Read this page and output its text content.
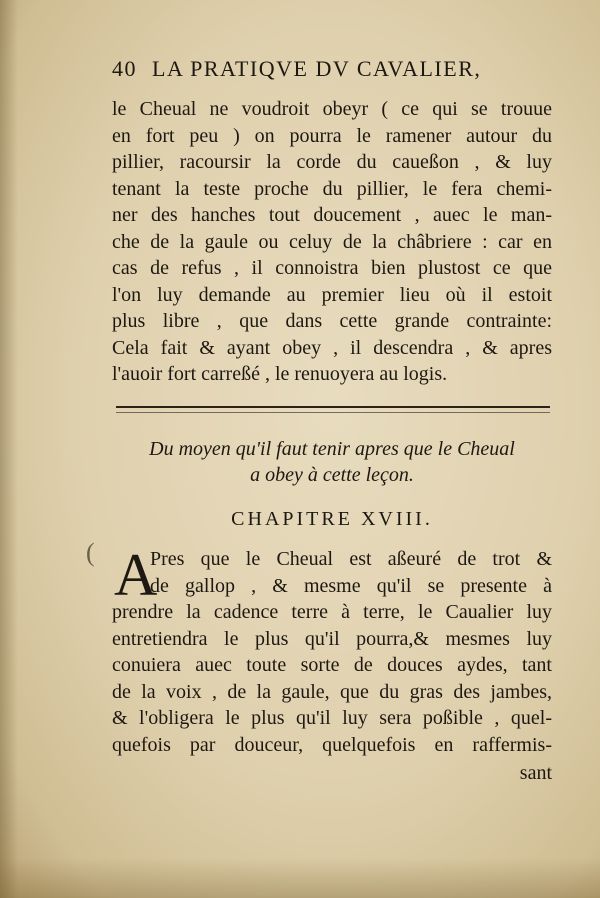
40 LA PRATIQVE DV CAVALIER,
le Cheual ne voudroit obeyr ( ce qui se trouue
en fort peu ) on pourra le ramener autour du
pillier, racoursir la corde du caueßon , & luy
tenant la teste proche du pillier, le fera chemi-
ner des hanches tout doucement , auec le man-
che de la gaule ou celuy de la châbriere : car en
cas de refus , il connoistra bien plustost ce que
l'on luy demande au premier lieu où il estoit
plus libre , que dans cette grande contrainte:
Cela fait & ayant obey , il descendra , & apres
l'auoir fort carreßé , le renuoyera au logis.
Du moyen qu'il faut tenir apres que le Cheual
a obey à cette leçon.
CHAPITRE XVIII.
( A
Pres que le Cheual est aßeuré de trot &
de gallop , & mesme qu'il se presente à
prendre la cadence terre à terre, le Caualier luy
entretiendra le plus qu'il pourra,& mesmes luy
conuiera auec toute sorte de douces aydes, tant
de la voix , de la gaule, que du gras des jambes,
& l'obligera le plus qu'il luy sera poßible , quel-
quefois par douceur, quelquefois en raffermis-
sant
